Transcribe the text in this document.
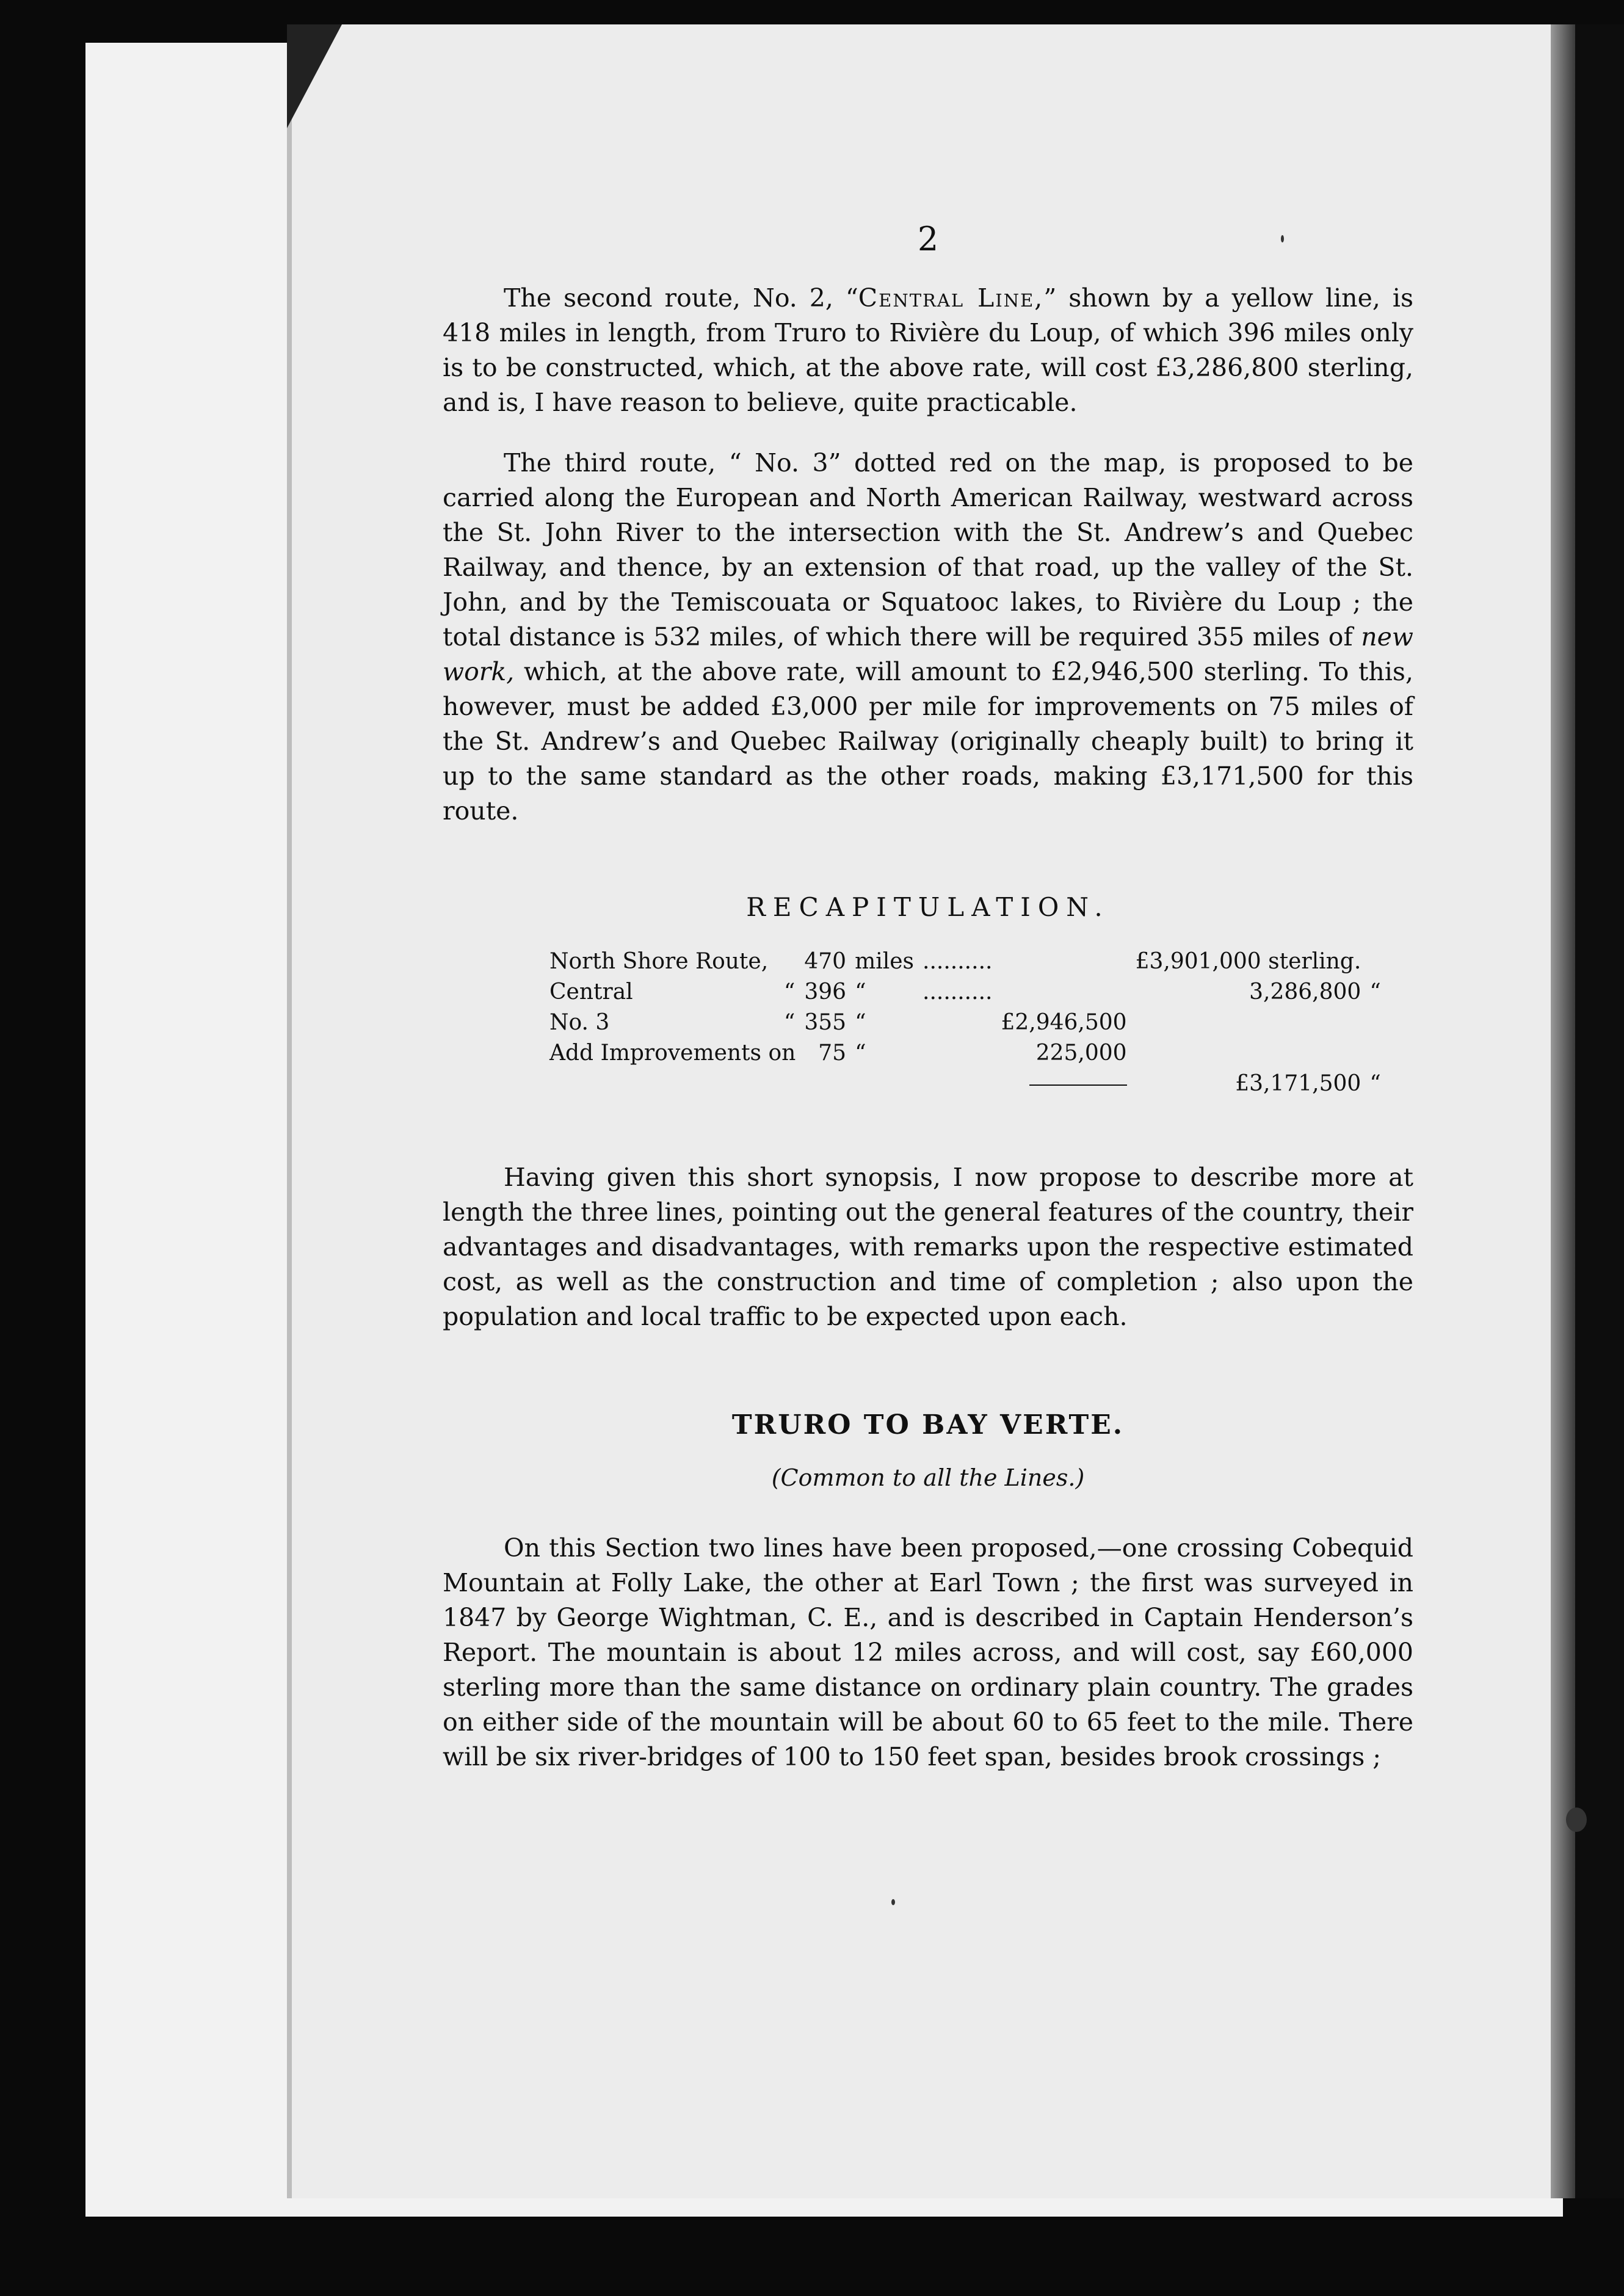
2

The second route, No. 2, “Central Line,” shown by a yellow line, is 418 miles in length, from Truro to Rivière du Loup, of which 396 miles only is to be constructed, which, at the above rate, will cost £3,286,800 sterling, and is, I have reason to believe, quite practicable.

The third route, “ No. 3” dotted red on the map, is proposed to be carried along the European and North American Railway, westward across the St. John River to the intersection with the St. Andrew’s and Quebec Railway, and thence, by an extension of that road, up the valley of the St. John, and by the Temiscouata or Squatooc lakes, to Rivière du Loup ; the total distance is 532 miles, of which there will be required 355 miles of new work, which, at the above rate, will amount to £2,946,500 sterling. To this, however, must be added £3,000 per mile for improvements on 75 miles of the St. Andrew’s and Quebec Railway (originally cheaply built) to bring it up to the same standard as the other roads, making £3,171,500 for this route.

RECAPITULATION.
North Shore Route,		470	miles	..........		£3,901,000 sterling.	
Central	“	396	“	..........		3,286,800	“
No. 3	“	355	“		£2,946,500		
Add Improvements on		75	“		225,000		
						£3,171,500	“

Having given this short synopsis, I now propose to describe more at length the three lines, pointing out the general features of the country, their advantages and disadvantages, with remarks upon the respective estimated cost, as well as the construction and time of completion ; also upon the population and local traffic to be expected upon each.

TRURO TO BAY VERTE.
(Common to all the Lines.)

On this Section two lines have been proposed,—one crossing Cobequid Mountain at Folly Lake, the other at Earl Town ; the first was surveyed in 1847 by George Wightman, C. E., and is described in Captain Henderson’s Report. The mountain is about 12 miles across, and will cost, say £60,000 sterling more than the same distance on ordinary plain country. The grades on either side of the mountain will be about 60 to 65 feet to the mile. There will be six river-bridges of 100 to 150 feet span, besides brook crossings ;
